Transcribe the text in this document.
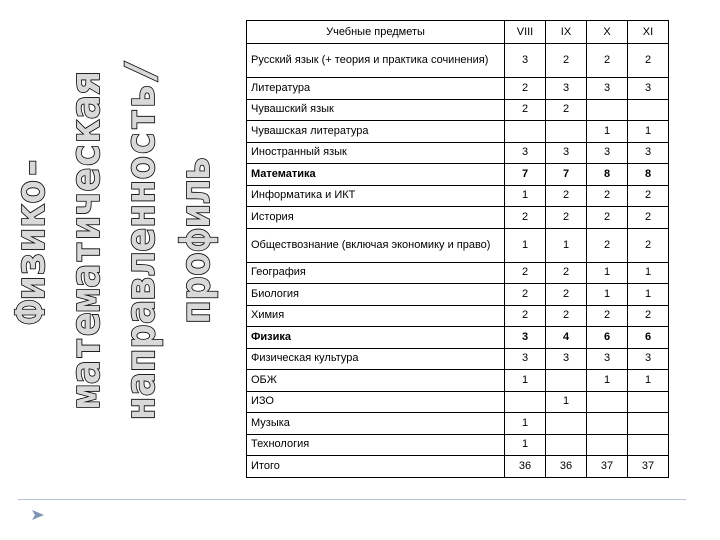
Физико- математическая направленность/ профиль
Учебные предметы	VIII	IX	X	XI
Русский язык (+ теория и практика сочинения)	3	2	2	2
Литература	2	3	3	3
Чувашский язык	2	2		
Чувашская литература			1	1
Иностранный язык	3	3	3	3
Математика	7	7	8	8
Информатика и ИКТ	1	2	2	2
История	2	2	2	2
Обществознание (включая экономику и право)	1	1	2	2
География	2	2	1	1
Биология	2	2	1	1
Химия	2	2	2	2
Физика	3	4	6	6
Физическая культура	3	3	3	3
ОБЖ	1		1	1
ИЗО		1		
Музыка	1			
Технология	1			
Итого	36	36	37	37
